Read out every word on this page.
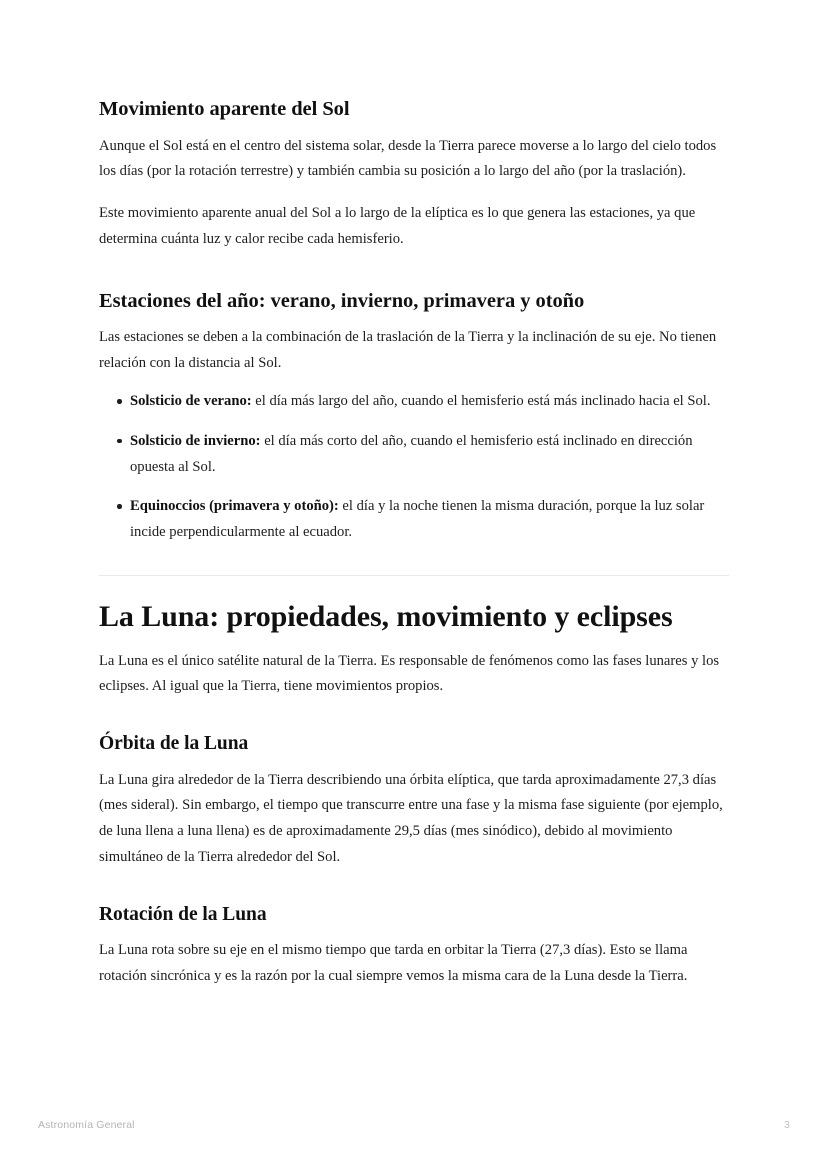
Movimiento aparente del Sol

Aunque el Sol está en el centro del sistema solar, desde la Tierra parece moverse a lo largo del cielo todos los días (por la rotación terrestre) y también cambia su posición a lo largo del año (por la traslación).

Este movimiento aparente anual del Sol a lo largo de la elíptica es lo que genera las estaciones, ya que determina cuánta luz y calor recibe cada hemisferio.

Estaciones del año: verano, invierno, primavera y otoño

Las estaciones se deben a la combinación de la traslación de la Tierra y la inclinación de su eje. No tienen relación con la distancia al Sol.

Solsticio de verano: el día más largo del año, cuando el hemisferio está más inclinado hacia el Sol.
Solsticio de invierno: el día más corto del año, cuando el hemisferio está inclinado en dirección opuesta al Sol.
Equinoccios (primavera y otoño): el día y la noche tienen la misma duración, porque la luz solar incide perpendicularmente al ecuador.
La Luna: propiedades, movimiento y eclipses

La Luna es el único satélite natural de la Tierra. Es responsable de fenómenos como las fases lunares y los eclipses. Al igual que la Tierra, tiene movimientos propios.

Órbita de la Luna

La Luna gira alrededor de la Tierra describiendo una órbita elíptica, que tarda aproximadamente 27,3 días (mes sideral). Sin embargo, el tiempo que transcurre entre una fase y la misma fase siguiente (por ejemplo, de luna llena a luna llena) es de aproximadamente 29,5 días (mes sinódico), debido al movimiento simultáneo de la Tierra alrededor del Sol.

Rotación de la Luna

La Luna rota sobre su eje en el mismo tiempo que tarda en orbitar la Tierra (27,3 días). Esto se llama rotación sincrónica y es la razón por la cual siempre vemos la misma cara de la Luna desde la Tierra.

Astronomía General	3
